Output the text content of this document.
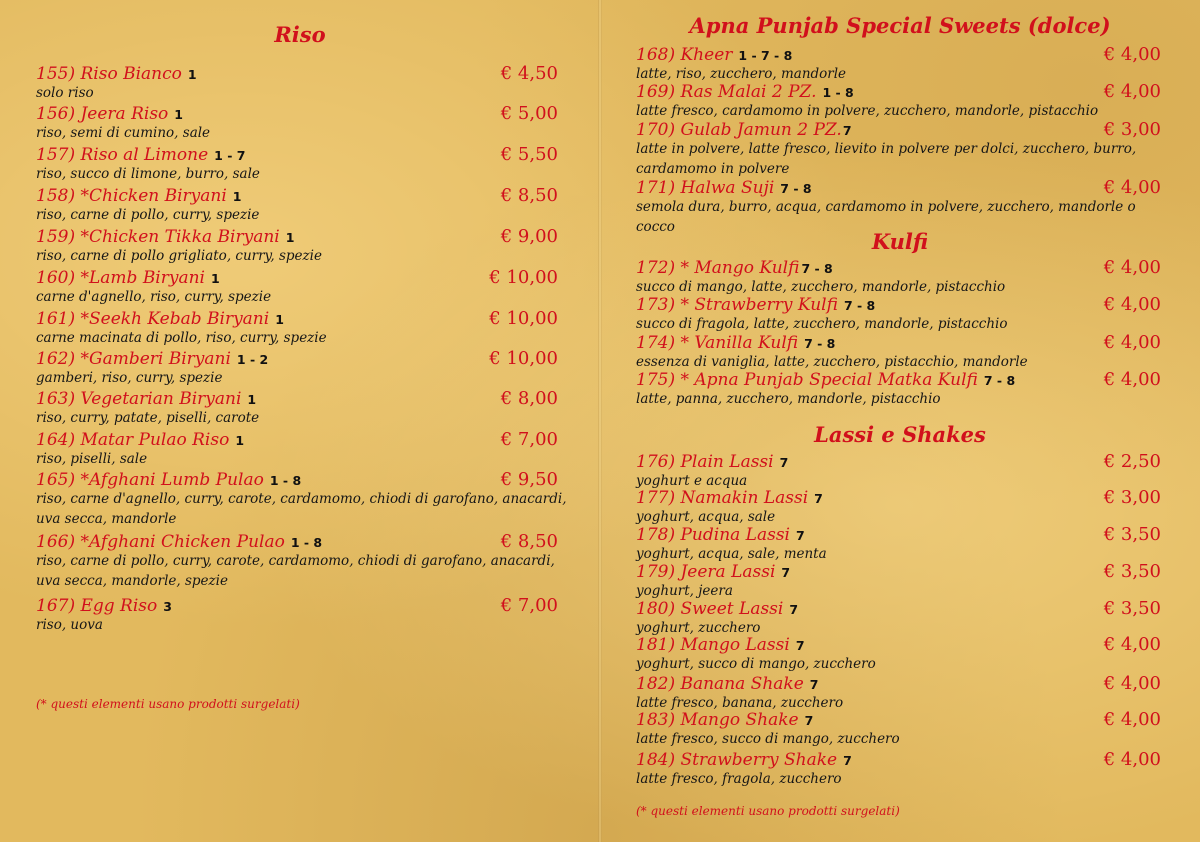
Riso
155) Riso Bianco 1	€ 4,50
solo riso
156) Jeera Riso 1	€ 5,00
riso, semi di cumino, sale
157) Riso al Limone 1 - 7	€ 5,50
riso, succo di limone, burro, sale
158) *Chicken Biryani 1	€ 8,50
riso, carne di pollo, curry, spezie
159) *Chicken Tikka Biryani 1	€ 9,00
riso, carne di pollo grigliato, curry, spezie
160) *Lamb Biryani 1	€ 10,00
carne d'agnello, riso, curry, spezie
161) *Seekh Kebab Biryani 1	€ 10,00
carne macinata di pollo, riso, curry, spezie
162) *Gamberi Biryani 1 - 2	€ 10,00
gamberi, riso, curry, spezie
163) Vegetarian Biryani 1	€ 8,00
riso, curry, patate, piselli, carote
164) Matar Pulao Riso 1	€ 7,00
riso, piselli, sale
165) *Afghani Lumb Pulao 1 - 8	€ 9,50
riso, carne d'agnello, curry, carote, cardamomo, chiodi di garofano, anacardi, uva secca, mandorle
166) *Afghani Chicken Pulao 1 - 8	€ 8,50
riso, carne di pollo, curry, carote, cardamomo, chiodi di garofano, anacardi, uva secca, mandorle, spezie
167) Egg Riso 3	€ 7,00
riso, uova
(* questi elementi usano prodotti surgelati)
Apna Punjab Special Sweets (dolce)
168) Kheer 1 - 7 - 8	€ 4,00
latte, riso, zucchero, mandorle
169) Ras Malai 2 PZ. 1 - 8	€ 4,00
latte fresco, cardamomo in polvere, zucchero, mandorle, pistacchio
170) Gulab Jamun 2 PZ.7	€ 3,00
latte in polvere, latte fresco, lievito in polvere per dolci, zucchero, burro, cardamomo in polvere
171) Halwa Suji 7 - 8	€ 4,00
semola dura, burro, acqua, cardamomo in polvere, zucchero, mandorle o cocco
Kulfi
172) * Mango Kulfi 7 - 8	€ 4,00
succo di mango, latte, zucchero, mandorle, pistacchio
173) * Strawberry Kulfi 7 - 8	€ 4,00
succo di fragola, latte, zucchero, mandorle, pistacchio
174) * Vanilla Kulfi 7 - 8	€ 4,00
essenza di vaniglia, latte, zucchero, pistacchio, mandorle
175) * Apna Punjab Special Matka Kulfi 7 - 8	€ 4,00
latte, panna, zucchero, mandorle, pistacchio
Lassi e Shakes
176) Plain Lassi 7	€ 2,50
yoghurt e acqua
177) Namakin Lassi 7	€ 3,00
yoghurt, acqua, sale
178) Pudina Lassi 7	€ 3,50
yoghurt, acqua, sale, menta
179) Jeera Lassi 7	€ 3,50
yoghurt, jeera
180) Sweet Lassi 7	€ 3,50
yoghurt, zucchero
181) Mango Lassi 7	€ 4,00
yoghurt, succo di mango, zucchero
182) Banana Shake 7	€ 4,00
latte fresco, banana, zucchero
183) Mango Shake 7	€ 4,00
latte fresco, succo di mango, zucchero
184) Strawberry Shake 7	€ 4,00
latte fresco, fragola, zucchero
(* questi elementi usano prodotti surgelati)
